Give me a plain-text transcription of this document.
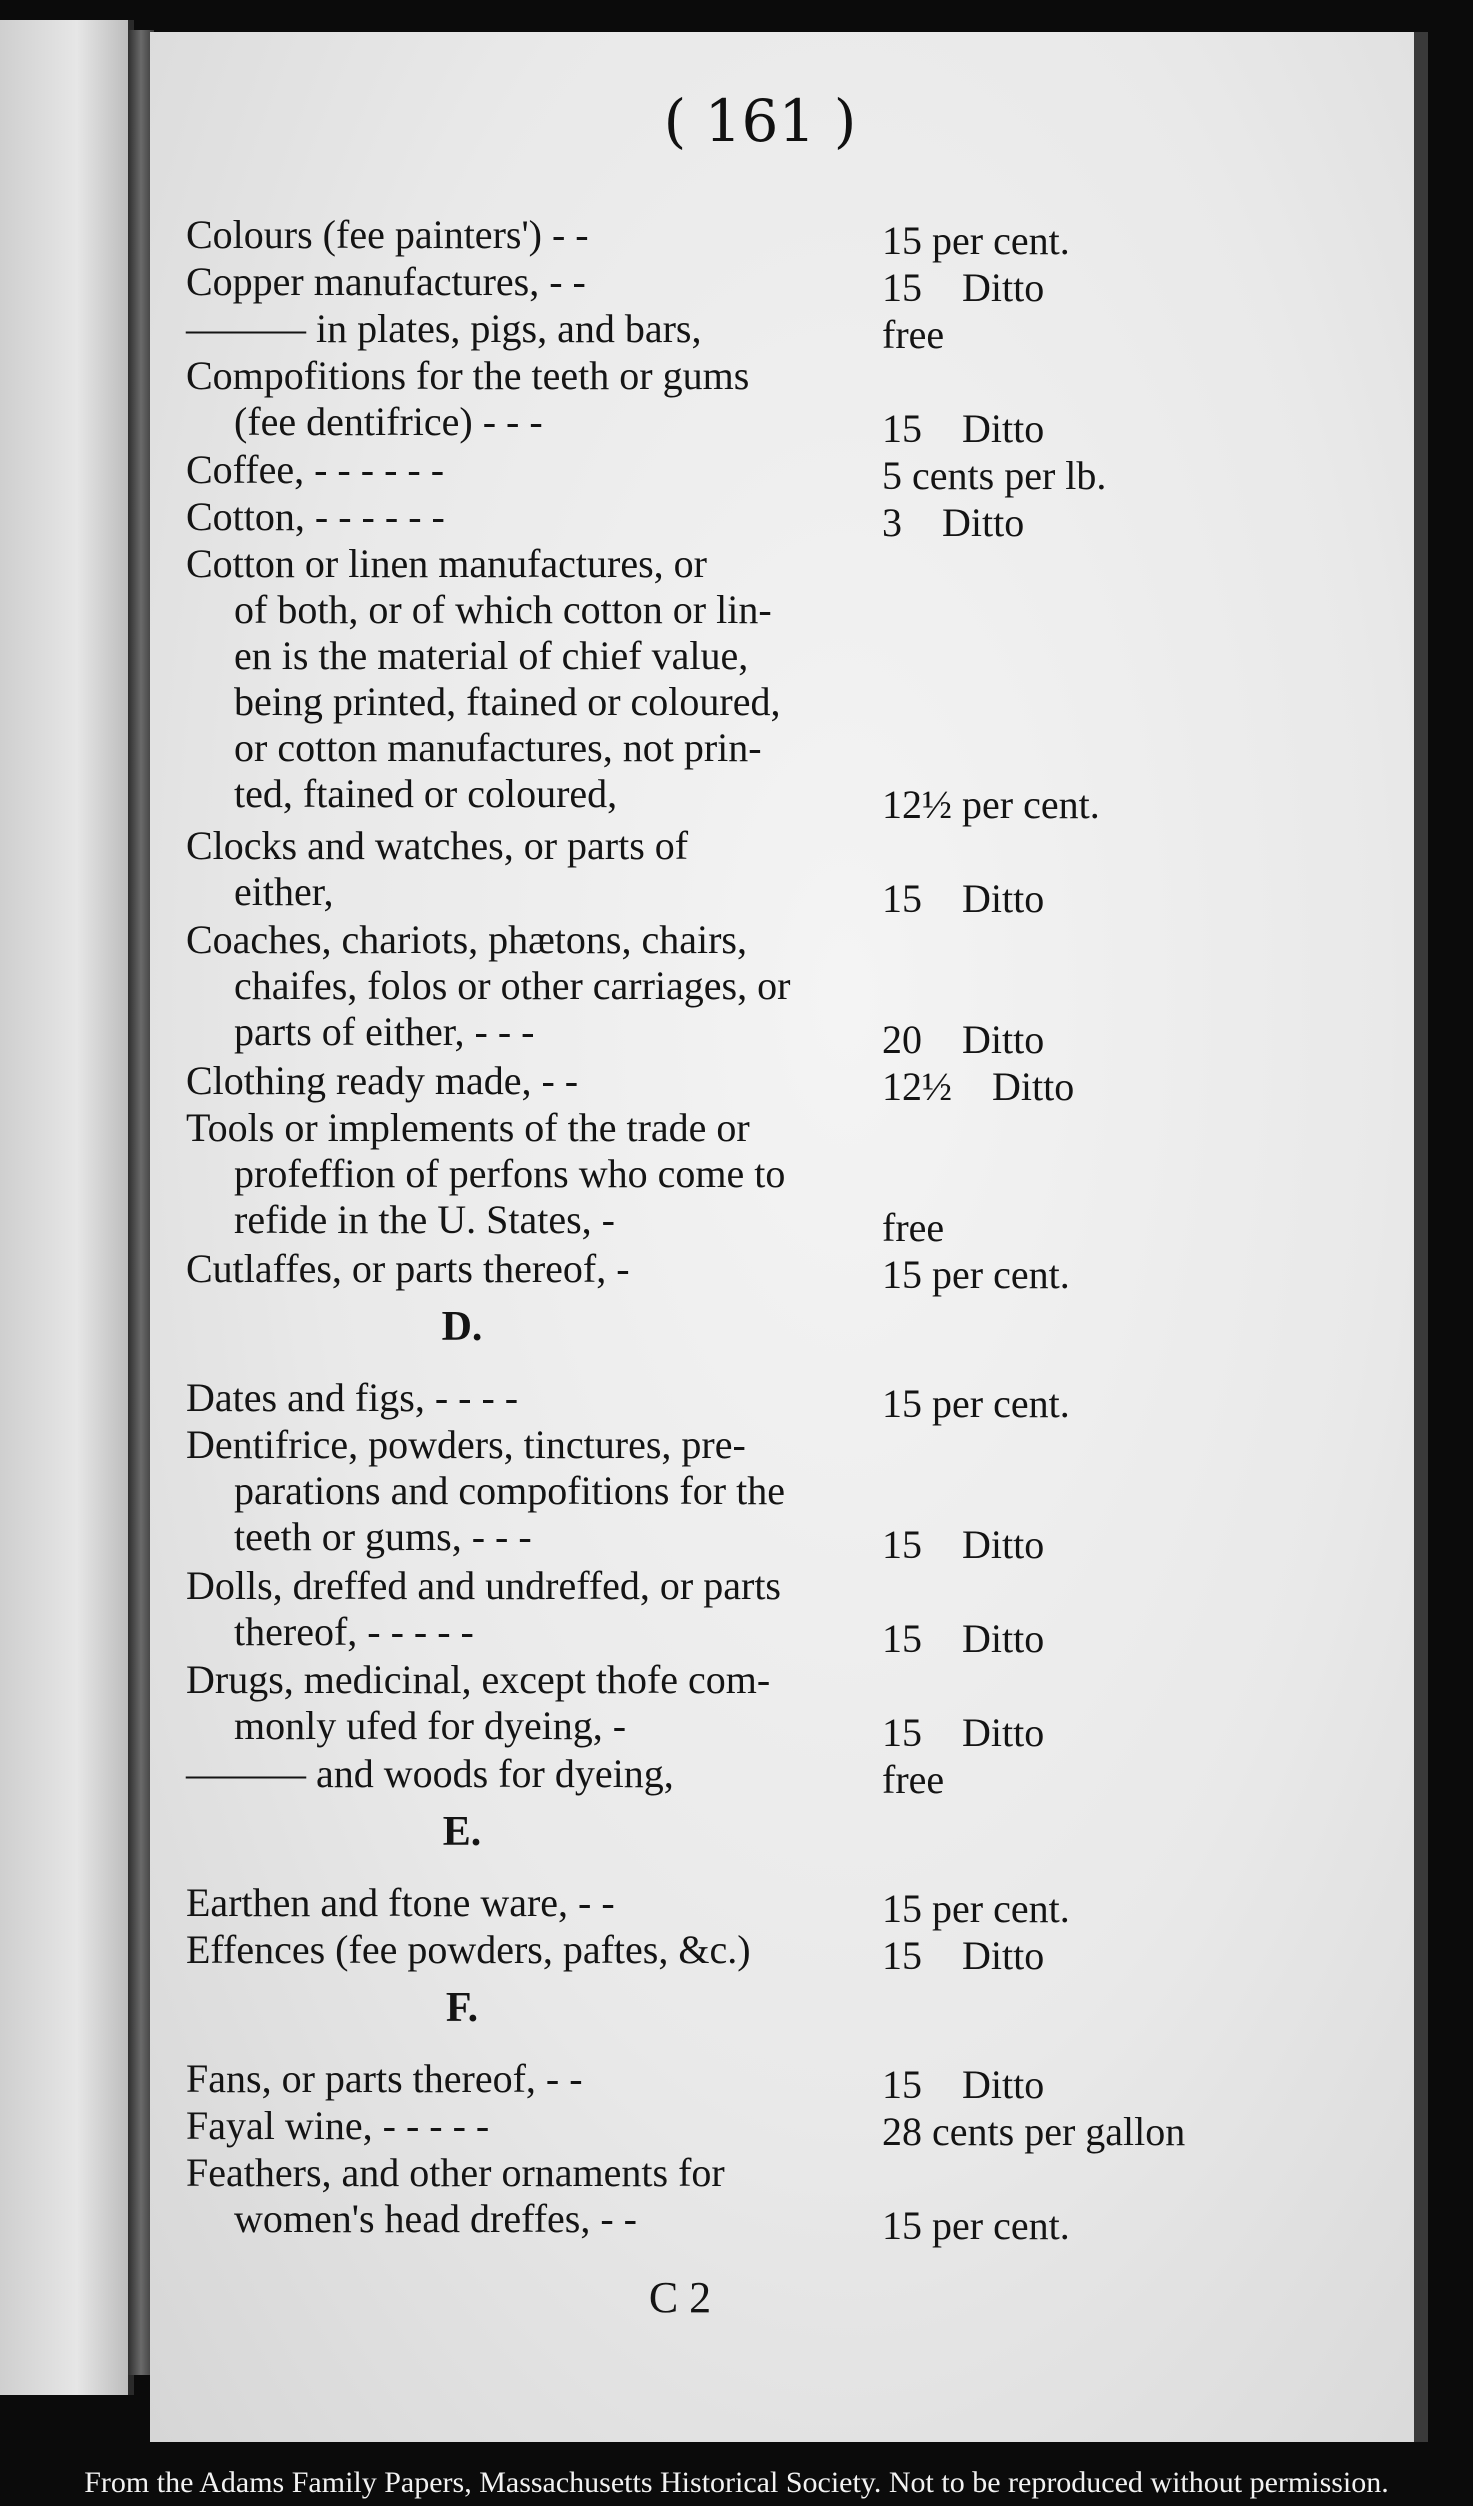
( 161 )
Colours (fee painters') - -	15 per cent.
Copper manufactures, - -	15    Ditto
——— in plates, pigs, and bars,	free
Compofitions for the teeth or gums
(fee dentifrice) - - -	15    Ditto
Coffee, - - - - - -	5 cents per lb.
Cotton, - - - - - -	3    Ditto
Cotton or linen manufactures, or
of both, or of which cotton or lin-
en is the material of chief value,
being printed, ftained or coloured,
or cotton manufactures, not prin-
ted, ftained or coloured,	12½ per cent.
Clocks and watches, or parts of
either,	15    Ditto
Coaches, chariots, phætons, chairs,
chaifes, folos or other carriages, or
parts of either, - - -	20    Ditto
Clothing ready made, - -	12½    Ditto
Tools or implements of the trade or
profeffion of perfons who come to
refide in the U. States, -	free
Cutlaffes, or parts thereof, -	15 per cent.
D.
Dates and figs, - - - -	15 per cent.
Dentifrice, powders, tinctures, pre-
parations and compofitions for the
teeth or gums, - - -	15    Ditto
Dolls, dreffed and undreffed, or parts
thereof, - - - - -	15    Ditto
Drugs, medicinal, except thofe com-
monly ufed for dyeing, -	15    Ditto
——— and woods for dyeing,	free
E.
Earthen and ftone ware, - -	15 per cent.
Effences (fee powders, paftes, &c.)	15    Ditto
F.
Fans, or parts thereof, - -	15    Ditto
Fayal wine, - - - - -	28 cents per gallon
Feathers, and other ornaments for
women's head dreffes, - -	15 per cent.
C 2
From the Adams Family Papers, Massachusetts Historical Society. Not to be reproduced without permission.
